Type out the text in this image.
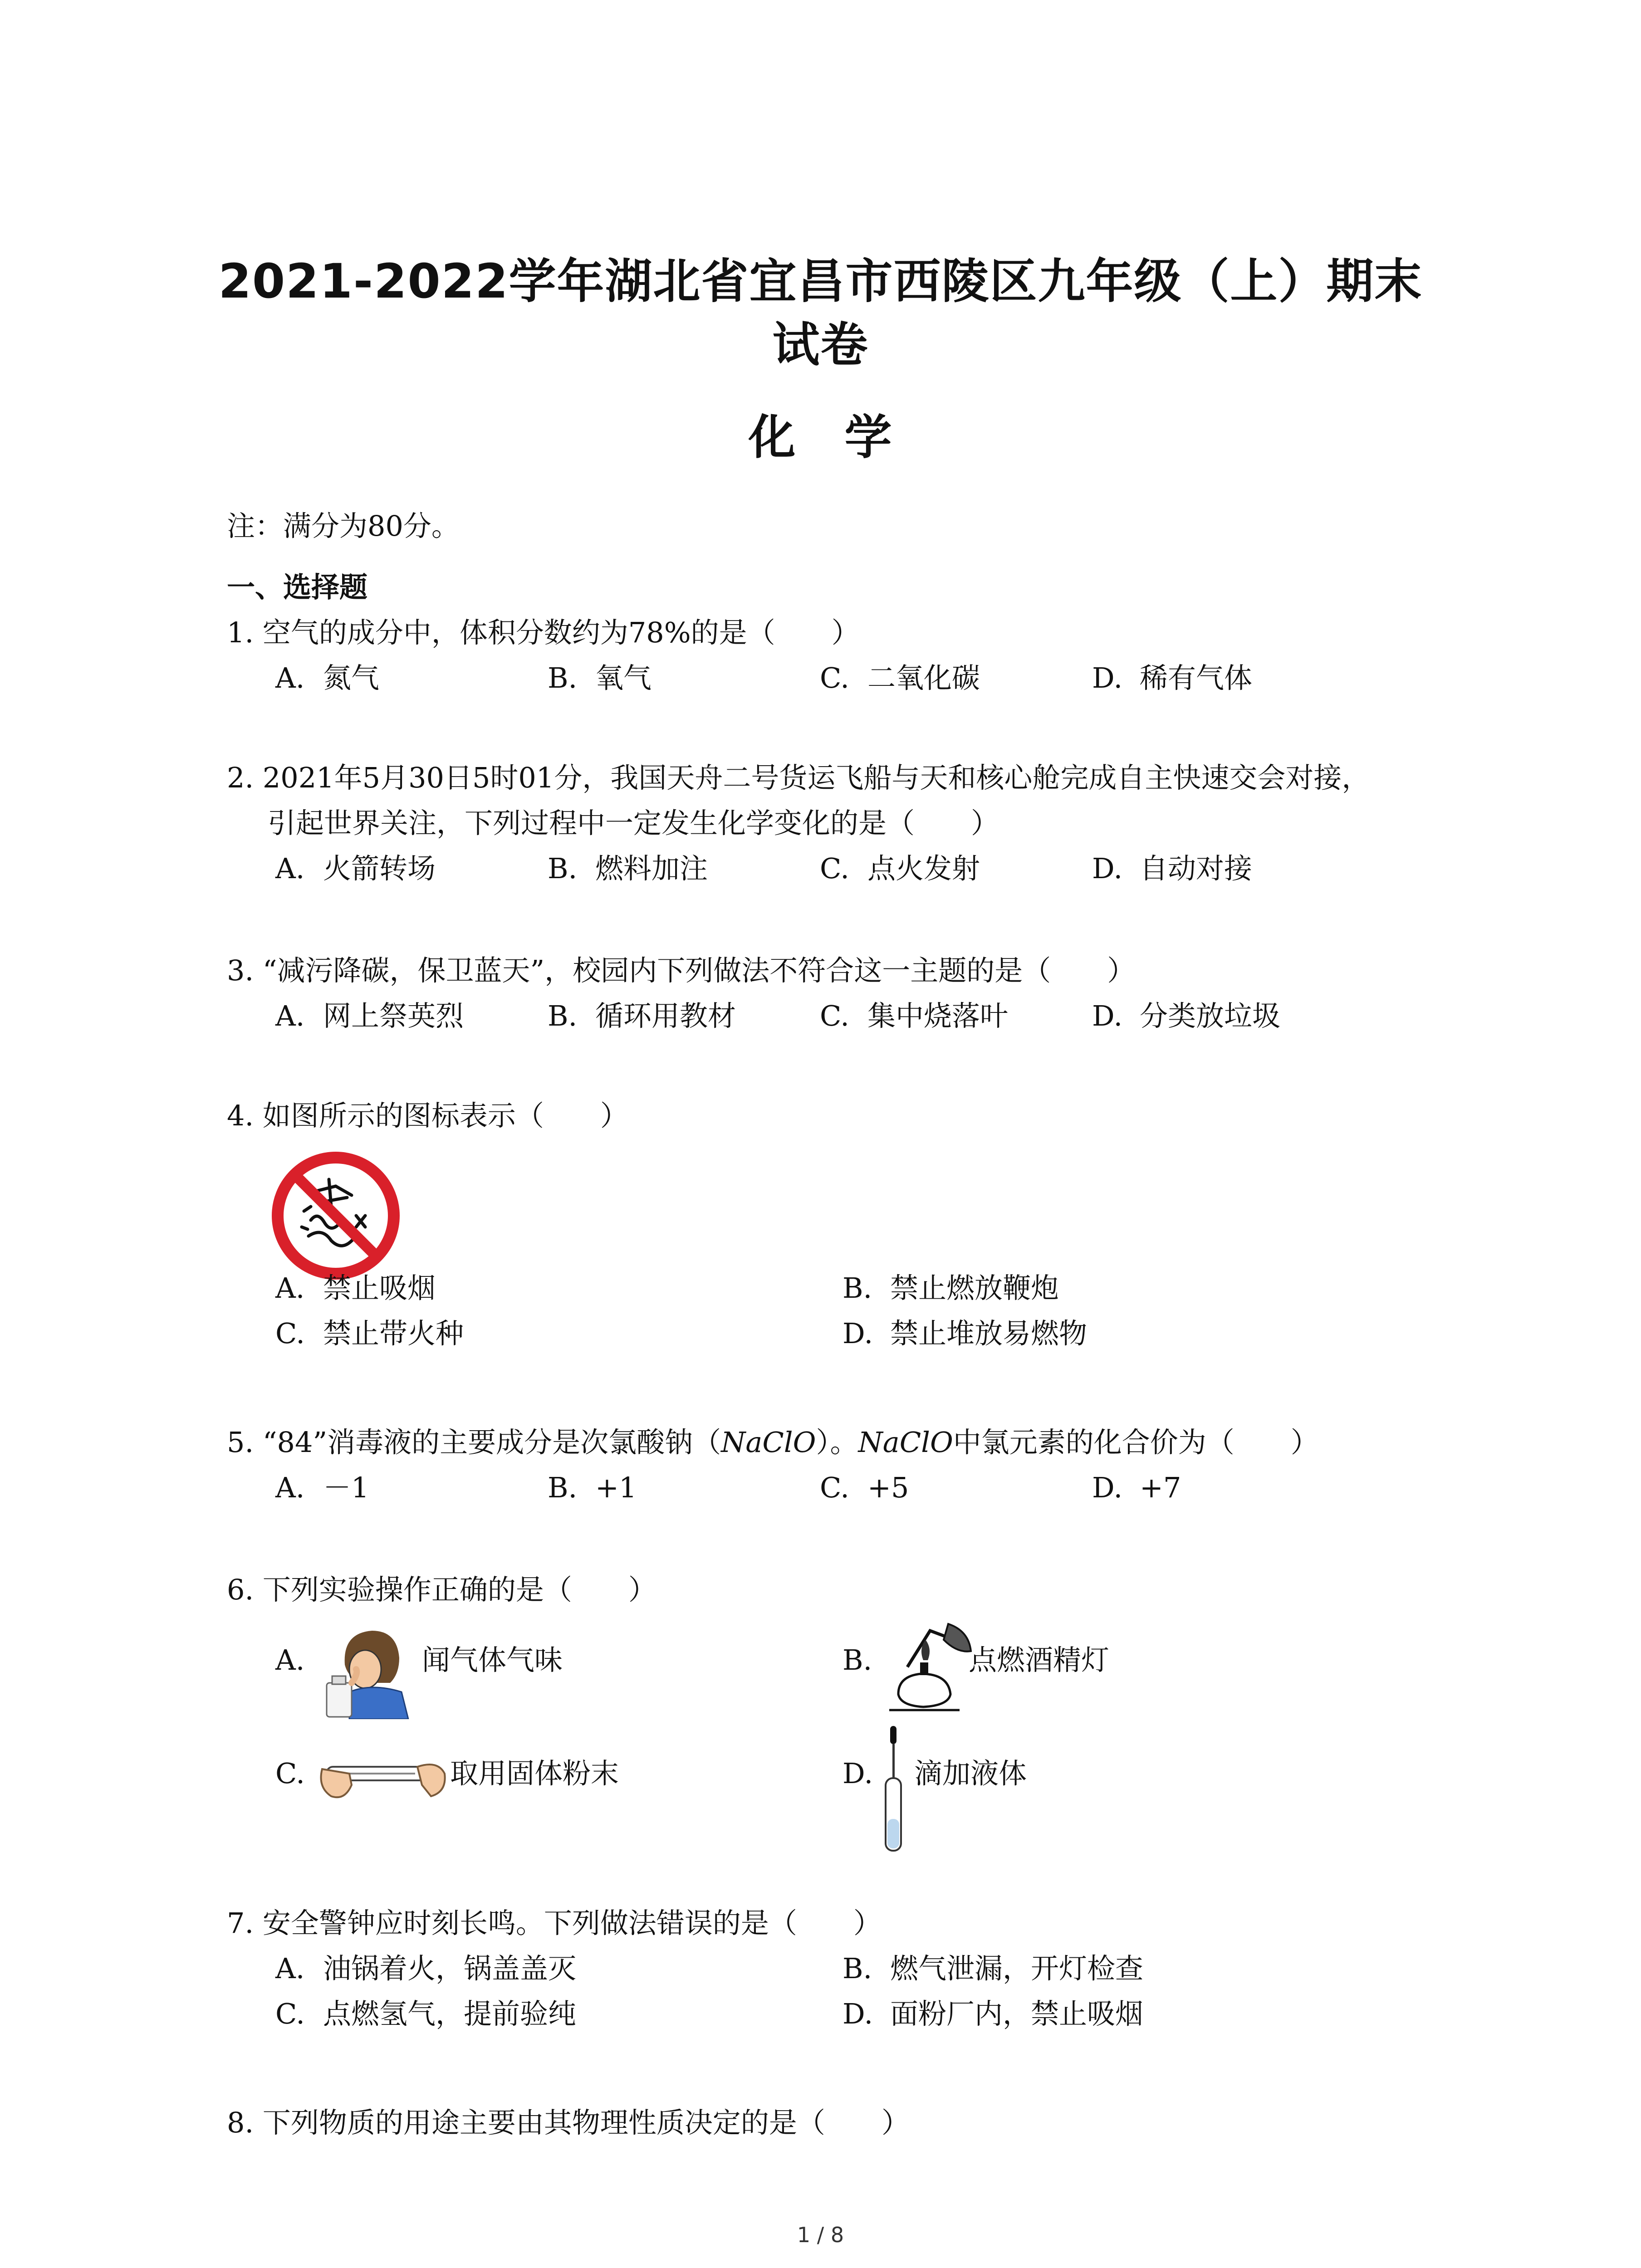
2021-2022学年湖北省宜昌市西陵区九年级（上）期末
试卷
化　学
注：满分为80分。
一、选择题
1. 空气的成分中，体积分数约为78%的是（　　）
A. 氮气	B. 氧气	C. 二氧化碳	D. 稀有气体
2. 2021年5月30日5时01分，我国天舟二号货运飞船与天和核心舱完成自主快速交会对接，
引起世界关注，下列过程中一定发生化学变化的是（　　）
A. 火箭转场	B. 燃料加注	C. 点火发射	D. 自动对接
3. “减污降碳，保卫蓝天”，校园内下列做法不符合这一主题的是（　　）
A. 网上祭英烈	B. 循环用教材	C. 集中烧落叶	D. 分类放垃圾
4. 如图所示的图标表示（　　）
A. 禁止吸烟	B. 禁止燃放鞭炮
C. 禁止带火种	D. 禁止堆放易燃物
5. “84”消毒液的主要成分是次氯酸钠（NaClO）。NaClO中氯元素的化合价为（　　）
A. －1	B. +1	C. +5	D. +7
6. 下列实验操作正确的是（　　）
A.	闻气体气味	B.	点燃酒精灯
C.	取用固体粉末	D. 滴加液体
7. 安全警钟应时刻长鸣。下列做法错误的是（　　）
A. 油锅着火，锅盖盖灭	B. 燃气泄漏，开灯检查
C. 点燃氢气，提前验纯	D. 面粉厂内，禁止吸烟
8. 下列物质的用途主要由其物理性质决定的是（　　）
1 / 8
